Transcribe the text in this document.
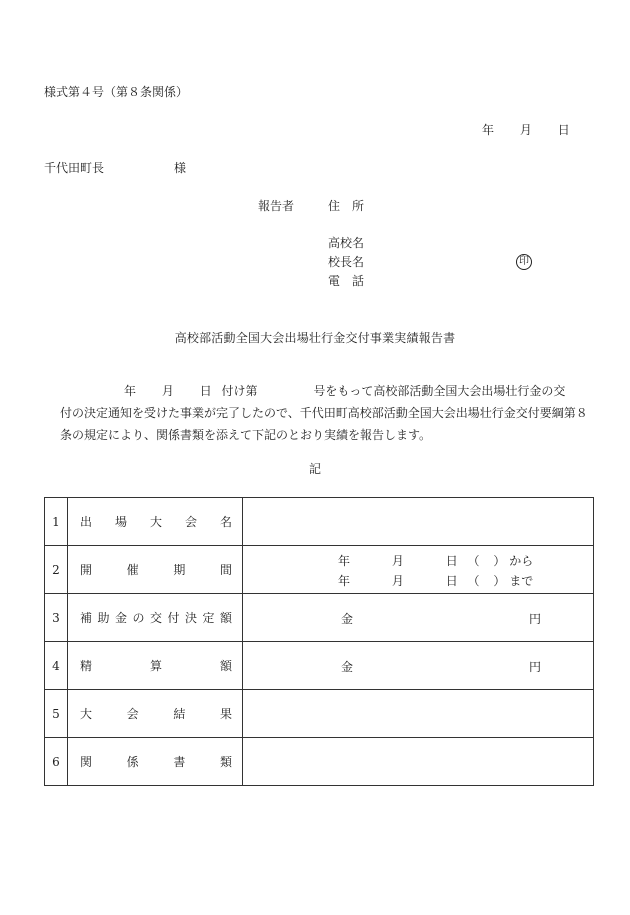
様式第４号（第８条関係）
年 月 日
千代田町長	様
報告者	住　所
高校名
校長名	印
電　話
高校部活動全国大会出場壮行金交付事業実績報告書
年 月 日 付け第	号をもって高校部活動全国大会出場壮行金の交
付の決定通知を受けた事業が完了したので、千代田町高校部活動全国大会出場壮行金交付要綱第８
条の規定により、関係書類を添えて下記のとおり実績を報告します。
記
1	出場大会名	

2	開催期間	年 月 日 （ ） から
年 月 日 （ ） まで

3	補助金の交付決定額	金 円

4	精算額	金 円

5	大会結果	

6	関係書類	
